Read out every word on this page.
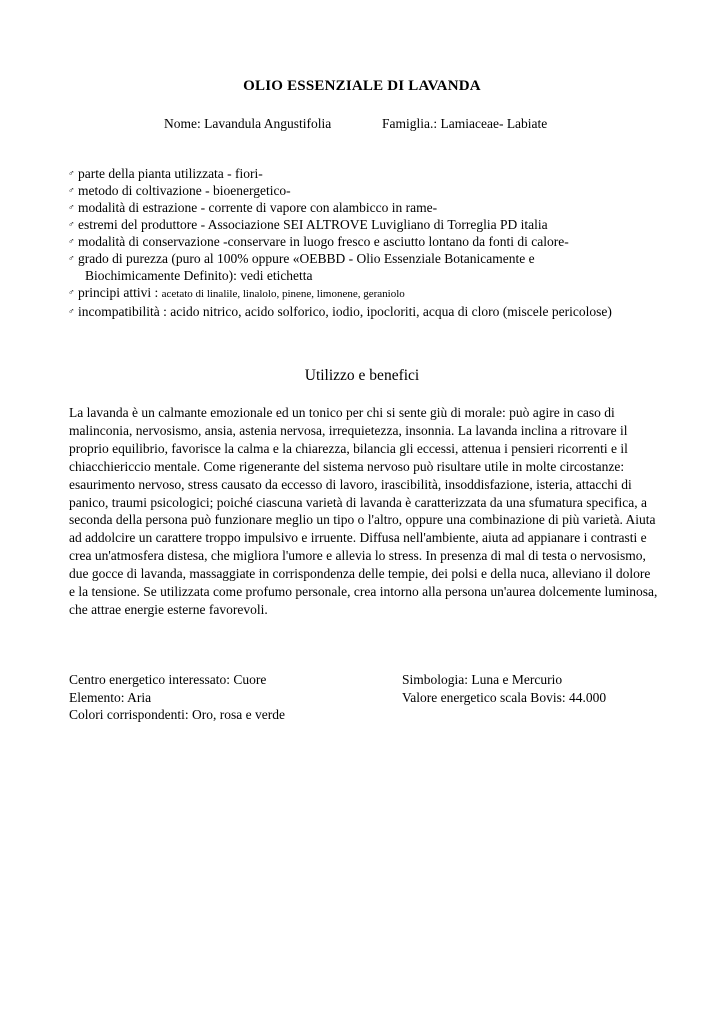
OLIO ESSENZIALE DI LAVANDA
Nome: Lavandula Angustifolia	Famiglia.: Lamiaceae- Labiate
♂ parte della pianta utilizzata - fiori-
♂ metodo di coltivazione - bioenergetico-
♂ modalità di estrazione - corrente di vapore con alambicco in rame-
♂ estremi del produttore - Associazione SEI ALTROVE Luvigliano di Torreglia PD italia
♂ modalità di conservazione -conservare in luogo fresco e asciutto lontano da fonti di calore-
♂ grado di purezza (puro al 100% oppure «OEBBD - Olio Essenziale Botanicamente e
Biochimicamente Definito): vedi etichetta
♂ principi attivi : acetato di linalile, linalolo, pinene, limonene, geraniolo
♂ incompatibilità : acido nitrico, acido solforico, iodio, ipocloriti, acqua di cloro (miscele pericolose)
Utilizzo e benefici

La lavanda è un calmante emozionale ed un tonico per chi si sente giù di morale: può agire in caso di malinconia, nervosismo, ansia, astenia nervosa, irrequietezza, insonnia. La lavanda inclina a ritrovare il proprio equilibrio, favorisce la calma e la chiarezza, bilancia gli eccessi, attenua i pensieri ricorrenti e il chiacchiericcio mentale. Come rigenerante del sistema nervoso può risultare utile in molte circostanze: esaurimento nervoso, stress causato da eccesso di lavoro, irascibilità, insoddisfazione, isteria, attacchi di panico, traumi psicologici; poiché ciascuna varietà di lavanda è caratterizzata da una sfumatura specifica, a seconda della persona può funzionare meglio un tipo o l'altro, oppure una combinazione di più varietà. Aiuta ad addolcire un carattere troppo impulsivo e irruente. Diffusa nell'ambiente, aiuta ad appianare i contrasti e crea un'atmosfera distesa, che migliora l'umore e allevia lo stress. In presenza di mal di testa o nervosismo, due gocce di lavanda, massaggiate in corrispondenza delle tempie, dei polsi e della nuca, alleviano il dolore e la tensione. Se utilizzata come profumo personale, crea intorno alla persona un'aurea dolcemente luminosa, che attrae energie esterne favorevoli.

Centro energetico interessato: Cuore
Elemento: Aria
Colori corrispondenti: Oro, rosa e verde
Simbologia: Luna e Mercurio
Valore energetico scala Bovis: 44.000
